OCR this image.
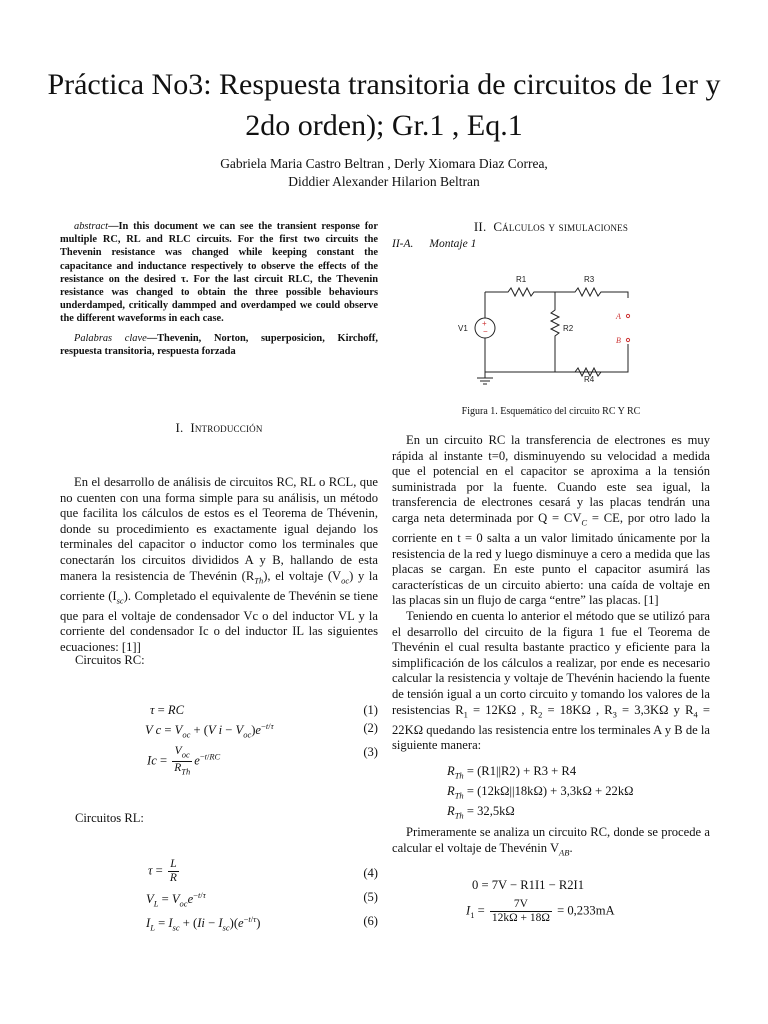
Práctica No3: Respuesta transitoria de circuitos de 1er y 2do orden); Gr.1 , Eq.1
Gabriela Maria Castro Beltran , Derly Xiomara Diaz Correa,
Diddier Alexander Hilarion Beltran

abstract—In this document we can see the transient response for multiple RC, RL and RLC circuits. For the first two circuits the Thevenin resistance was changed while keeping constant the capacitance and inductance respectively to observe the effects of the resistance on the desired τ. For the last circuit RLC, the Thevenin resistance was changed to obtain the three possible behaviours underdamped, critically dammped and overdamped we could observe the different waveforms in each case.

Palabras clave—Thevenin, Norton, superposicion, Kirchoff, respuesta transitoria, respuesta forzada

I. Introducción

En el desarrollo de análisis de circuitos RC, RL o RCL, que no cuenten con una forma simple para su análisis, un método que facilita los cálculos de estos es el Teorema de Thévenin, donde su procedimiento es exactamente igual dejando los terminales del capacitor o inductor como los terminales que conectarán los circuitos divididos A y B, hallando de esta manera la resistencia de Thevénin $(R_{Th})$, el voltaje $(V_{oc})$ y la corriente $(I_{sc})$. Completado el equivalente de Thevénin se tiene que para el voltaje de condensador Vc o del inductor VL y la corriente del condensador Ic o del inductor IL las siguientes ecuaciones: [1]]

Circuitos RC:
τ = RC	(1)
V $c = V_{oc} + (V$ $i - V_{oc})e^{-t/\tau}$	(2)
$Ic = \frac{V_{oc}}{R_{Th}} e^{-t/RC}$	(3)
Circuitos RL:
$\tau = \frac{L}{R}$	(4)
$V_L = V_{oc}e^{-t/\tau}$	(5)
$I_L = I_{sc} + (Ii - I_{sc})(e^{-t/\tau})$	(6)
II. Cálculos y simulaciones
II-A. Montaje 1
+
−
R1	R3
R2
R4
V1
A
B
Figura 1. Esquemático del circuito RC Y RC

En un circuito RC la transferencia de electrones es muy rápida al instante t=0, disminuyendo su velocidad a medida que el potencial en el capacitor se aproxima a la tensión suministrada por la fuente. Cuando este sea igual, la transferencia de electrones cesará y las placas tendrán una carga neta determinada por $Q = CV_C$ = CE, por otro lado la corriente en t = 0 salta a un valor limitado únicamente por la resistencia de la red y luego disminuye a cero a medida que las placas se cargan. En este punto el capacitor asumirá las características de un circuito abierto: una caída de voltaje en las placas sin un flujo de carga “entre” las placas. [1]

Teniendo en cuenta lo anterior el método que se utilizó para el desarrollo del circuito de la figura 1 fue el Teorema de Thevénin el cual resulta bastante practico y eficiente para la simplificación de los cálculos a realizar, por ende es necesario calcular la resistencia y voltaje de Thevénin haciendo la fuente de tensión igual a un corto circuito y tomando los valores de la resistencias $R_1 = 12K\Omega$ , $R_2 = 18K\Omega$ , $R_3 = 3,3K\Omega$ y $R_4 = 22K\Omega$ quedando las resistencia entre los terminales A y B de la siguiente manera:

$R_{Th} = (R1||R2) + R3 + R4$
$R_{Th} = (12k\Omega||18k\Omega) + 3,3k\Omega + 22k\Omega$
$R_{Th} = 32,5k\Omega$

Primeramente se analiza un circuito RC, donde se procede a calcular el voltaje de Thevénin $V_{AB}$.

0 = 7V − R1I1 − R2I1
$I_1 = \frac{7V}{12k\Omega + 18\Omega} = 0,233mA$
